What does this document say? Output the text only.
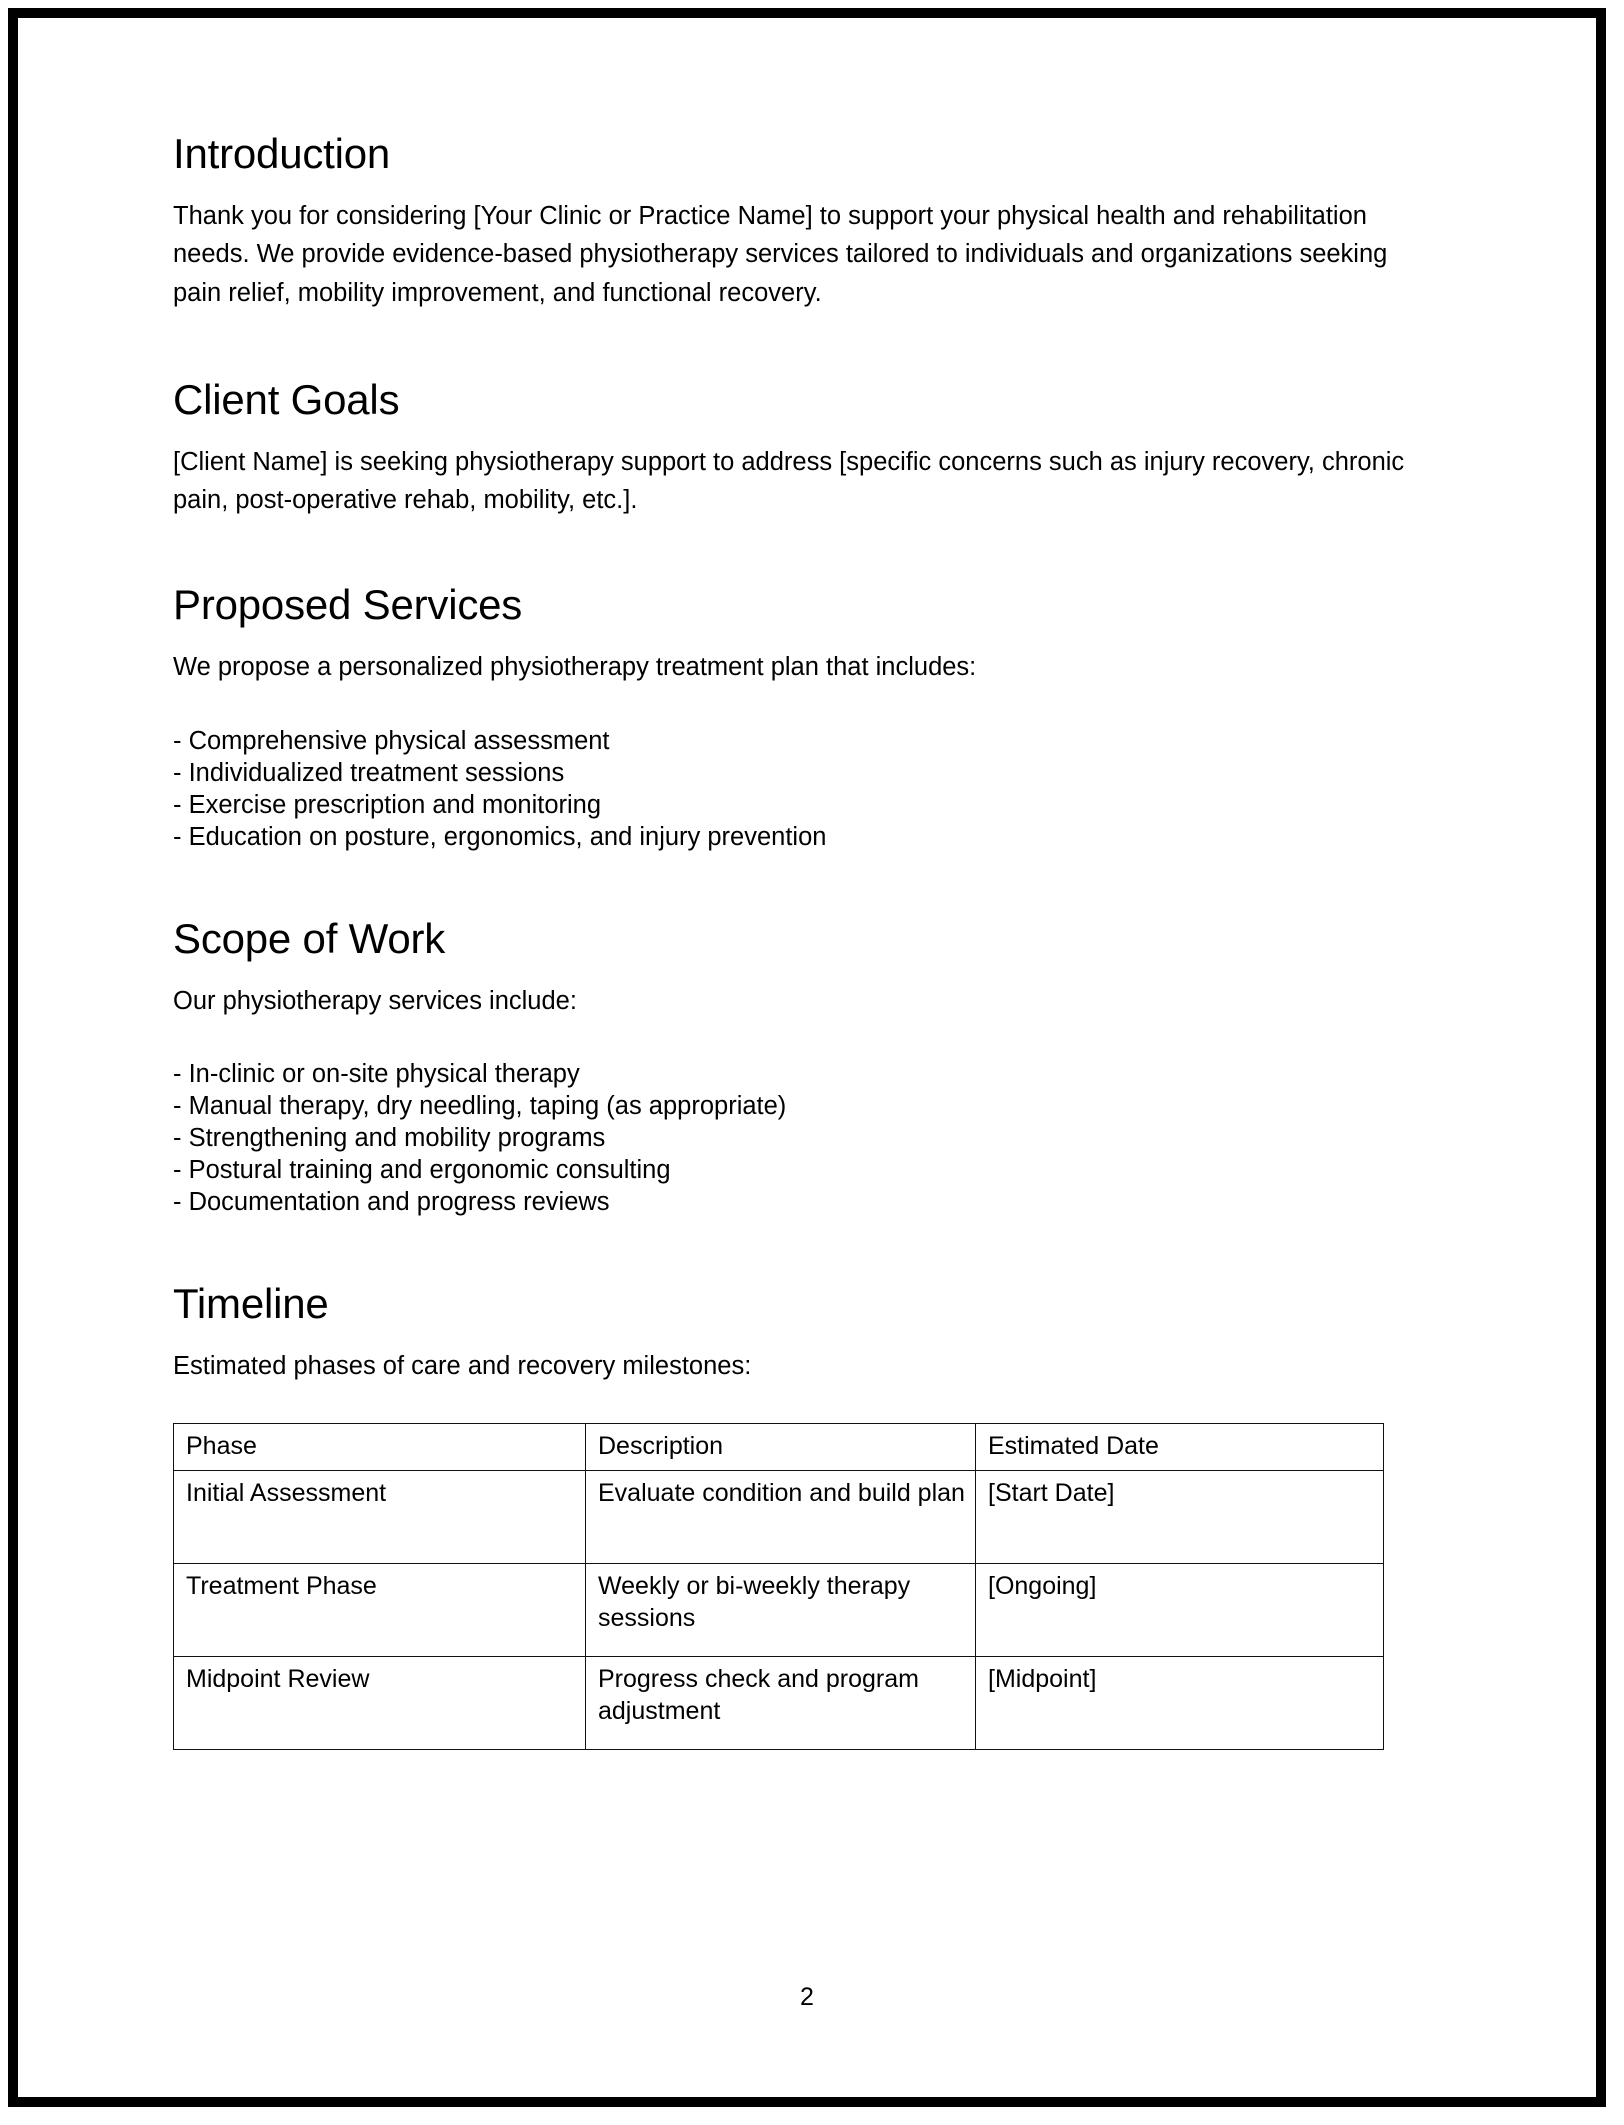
Introduction

Thank you for considering [Your Clinic or Practice Name] to support your physical health and rehabilitation needs. We provide evidence-based physiotherapy services tailored to individuals and organizations seeking pain relief, mobility improvement, and functional recovery.

Client Goals

[Client Name] is seeking physiotherapy support to address [specific concerns such as injury recovery, chronic pain, post-operative rehab, mobility, etc.].

Proposed Services

We propose a personalized physiotherapy treatment plan that includes:

- Comprehensive physical assessment
- Individualized treatment sessions
- Exercise prescription and monitoring
- Education on posture, ergonomics, and injury prevention
Scope of Work

Our physiotherapy services include:

- In-clinic or on-site physical therapy
- Manual therapy, dry needling, taping (as appropriate)
- Strengthening and mobility programs
- Postural training and ergonomic consulting
- Documentation and progress reviews
Timeline

Estimated phases of care and recovery milestones:

Phase	Description	Estimated Date
Initial Assessment	Evaluate condition and build plan	[Start Date]
Treatment Phase	Weekly or bi-weekly therapy sessions	[Ongoing]
Midpoint Review	Progress check and program adjustment	[Midpoint]
2
